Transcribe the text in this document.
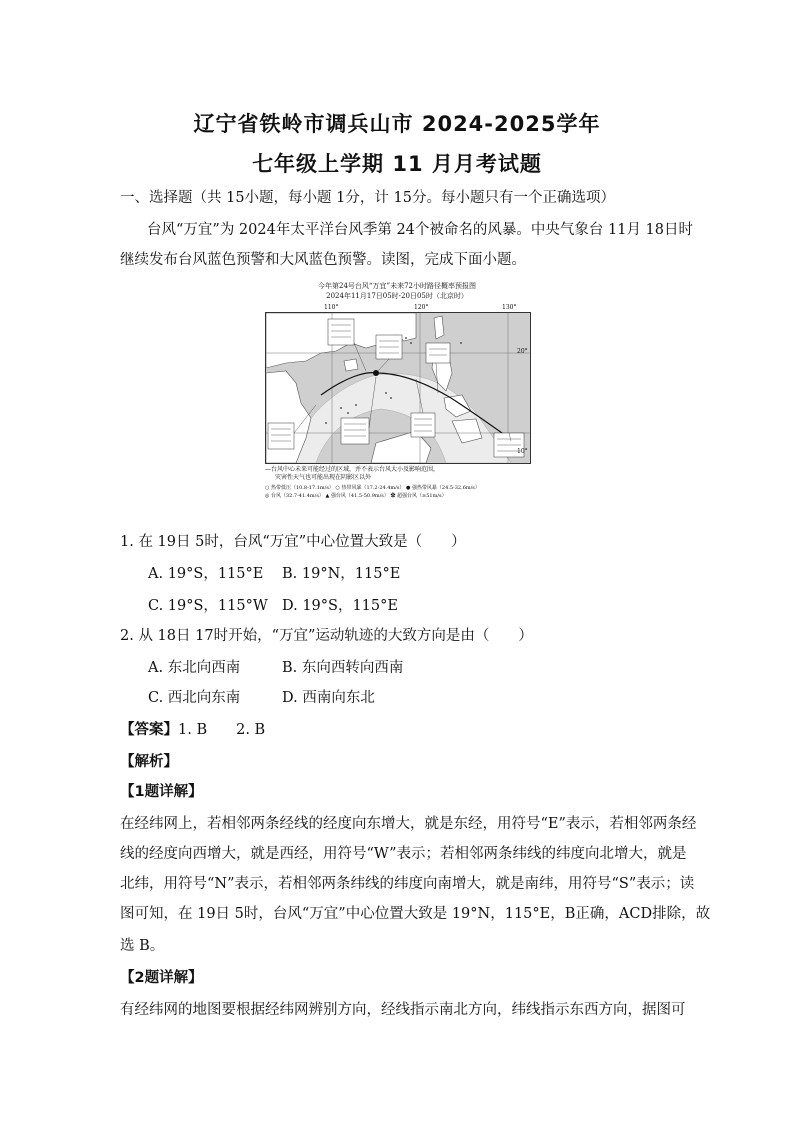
辽宁省铁岭市调兵山市 2024-2025学年
七年级上学期 11 月月考试题
一、选择题（共 15小题，每小题 1分，计 15分。每小题只有一个正确选项）
台风“万宜”为 2024年太平洋台风季第 24个被命名的风暴。中央气象台 11月 18日时
继续发布台风蓝色预警和大风蓝色预警。读图，完成下面小题。
今年第24号台风“万宜”未来72小时路径概率预报图
2024年11月17日05时-20日05时（北京时）
110°	120°	130°
20°
10°
—台风中心未来可能经过的区域，并不表示台风大小及影响范围，
灾害性天气也可能出现在阴影区以外
○ 热带低压（10.8-17.1m/s） ○ 热带风暴（17.2-24.4m/s） ● 强热带风暴（24.5-32.6m/s）
◎ 台风（32.7-41.4m/s） ▲ 强台风（41.5-50.9m/s） ✿ 超强台风（≥51m/s）
1. 在 19日 5时，台风“万宜”中心位置大致是（　　）
A. 19°S，115°E B. 19°N，115°E
C. 19°S，115°W D. 19°S，115°E
2. 从 18日 17时开始，“万宜”运动轨迹的大致方向是由（　　）
A. 东北向西南	B. 东向西转向西南
C. 西北向东南	D. 西南向东北
【答案】1. B　　2. B
【解析】
【1题详解】
在经纬网上，若相邻两条经线的经度向东增大，就是东经，用符号“E”表示，若相邻两条经
线的经度向西增大，就是西经，用符号“W”表示；若相邻两条纬线的纬度向北增大，就是
北纬，用符号“N”表示，若相邻两条纬线的纬度向南增大，就是南纬，用符号“S”表示；读
图可知，在 19日 5时，台风“万宜”中心位置大致是 19°N，115°E，B正确，ACD排除，故
选 B。
【2题详解】
有经纬网的地图要根据经纬网辨别方向，经线指示南北方向，纬线指示东西方向，据图可
